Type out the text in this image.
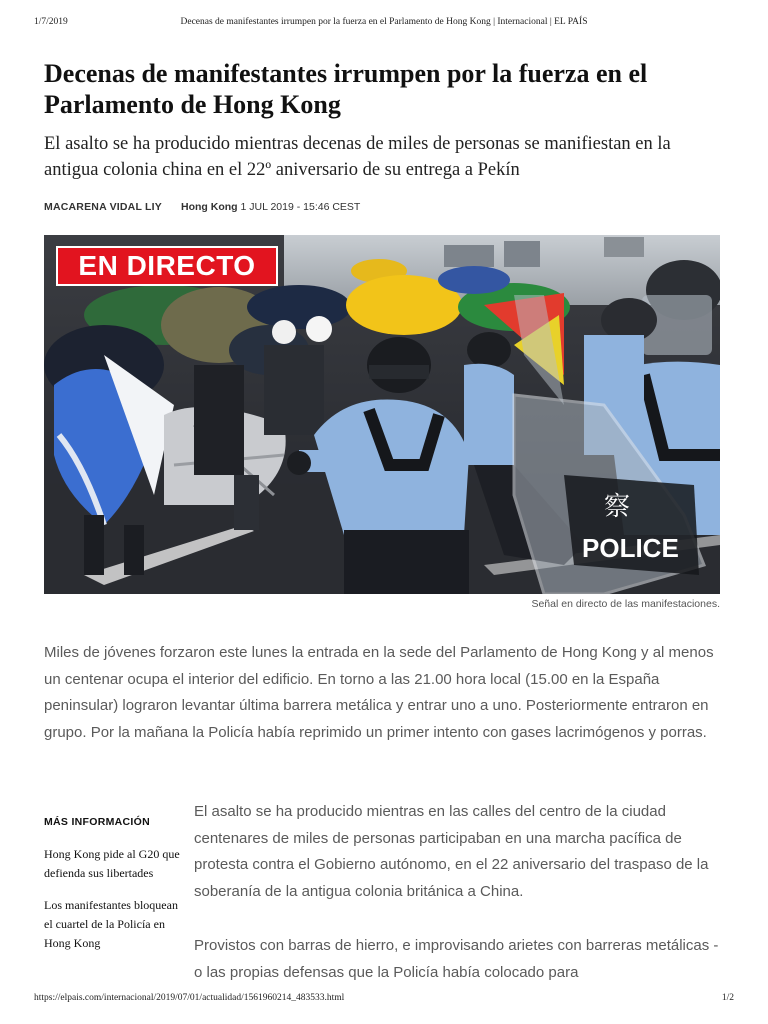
1/7/2019	Decenas de manifestantes irrumpen por la fuerza en el Parlamento de Hong Kong | Internacional | EL PAÍS
Decenas de manifestantes irrumpen por la fuerza en el Parlamento de Hong Kong
El asalto se ha producido mientras decenas de miles de personas se manifiestan en la antigua colonia china en el 22º aniversario de su entrega a Pekín
MACARENA VIDAL LIY Hong Kong 1 JUL 2019 - 15:46 CEST
察
POLICE
EN DIRECTO
Señal en directo de las manifestaciones.

Miles de jóvenes forzaron este lunes la entrada en la sede del Parlamento de Hong Kong y al menos un centenar ocupa el interior del edificio. En torno a las 21.00 hora local (15.00 en la España peninsular) lograron levantar última barrera metálica y entrar uno a uno. Posteriormente entraron en grupo. Por la mañana la Policía había reprimido un primer intento con gases lacrimógenos y porras.

MÁS INFORMACIÓN
Hong Kong pide al G20 que defienda sus libertades
Los manifestantes bloquean el cuartel de la Policía en Hong Kong

El asalto se ha producido mientras en las calles del centro de la ciudad centenares de miles de personas participaban en una marcha pacífica de protesta contra el Gobierno autónomo, en el 22 aniversario del traspaso de la soberanía de la antigua colonia británica a China.

Provistos con barras de hierro, e improvisando arietes con barreras metálicas -o las propias defensas que la Policía había colocado para

https://elpais.com/internacional/2019/07/01/actualidad/1561960214_483533.html	1/2
